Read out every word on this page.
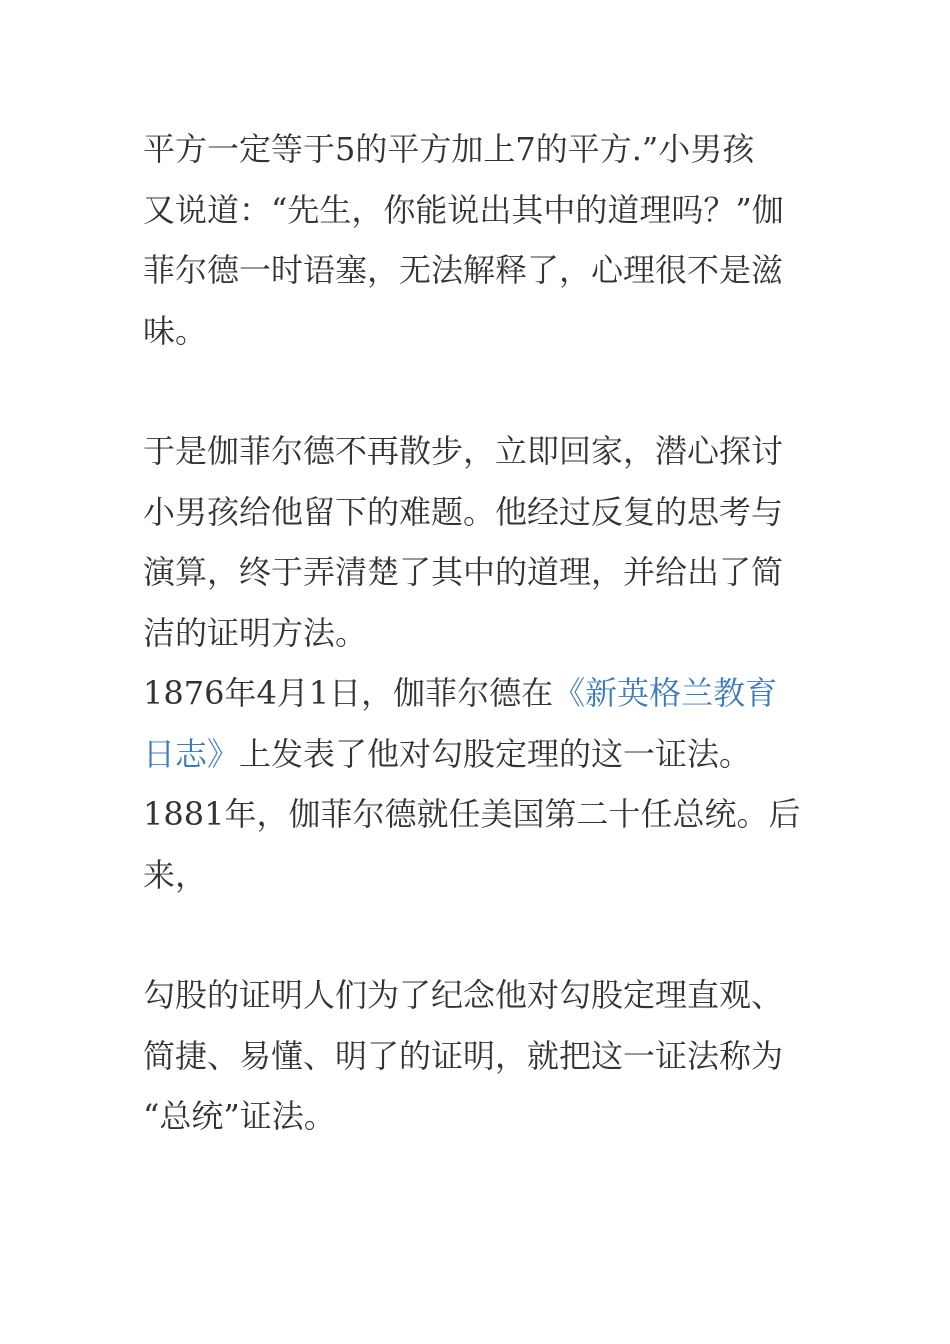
平方一定等于5的平方加上7的平方.”小男孩
又说道：“先生，你能说出其中的道理吗？”伽
菲尔德一时语塞，无法解释了，心理很不是滋
味。
于是伽菲尔德不再散步，立即回家，潜心探讨
小男孩给他留下的难题。他经过反复的思考与
演算，终于弄清楚了其中的道理，并给出了简
洁的证明方法。
1876年4月1日，伽菲尔德在《新英格兰教育
日志》上发表了他对勾股定理的这一证法。
1881年，伽菲尔德就任美国第二十任总统。后
来，
勾股的证明人们为了纪念他对勾股定理直观、
简捷、易懂、明了的证明，就把这一证法称为
“总统”证法。
